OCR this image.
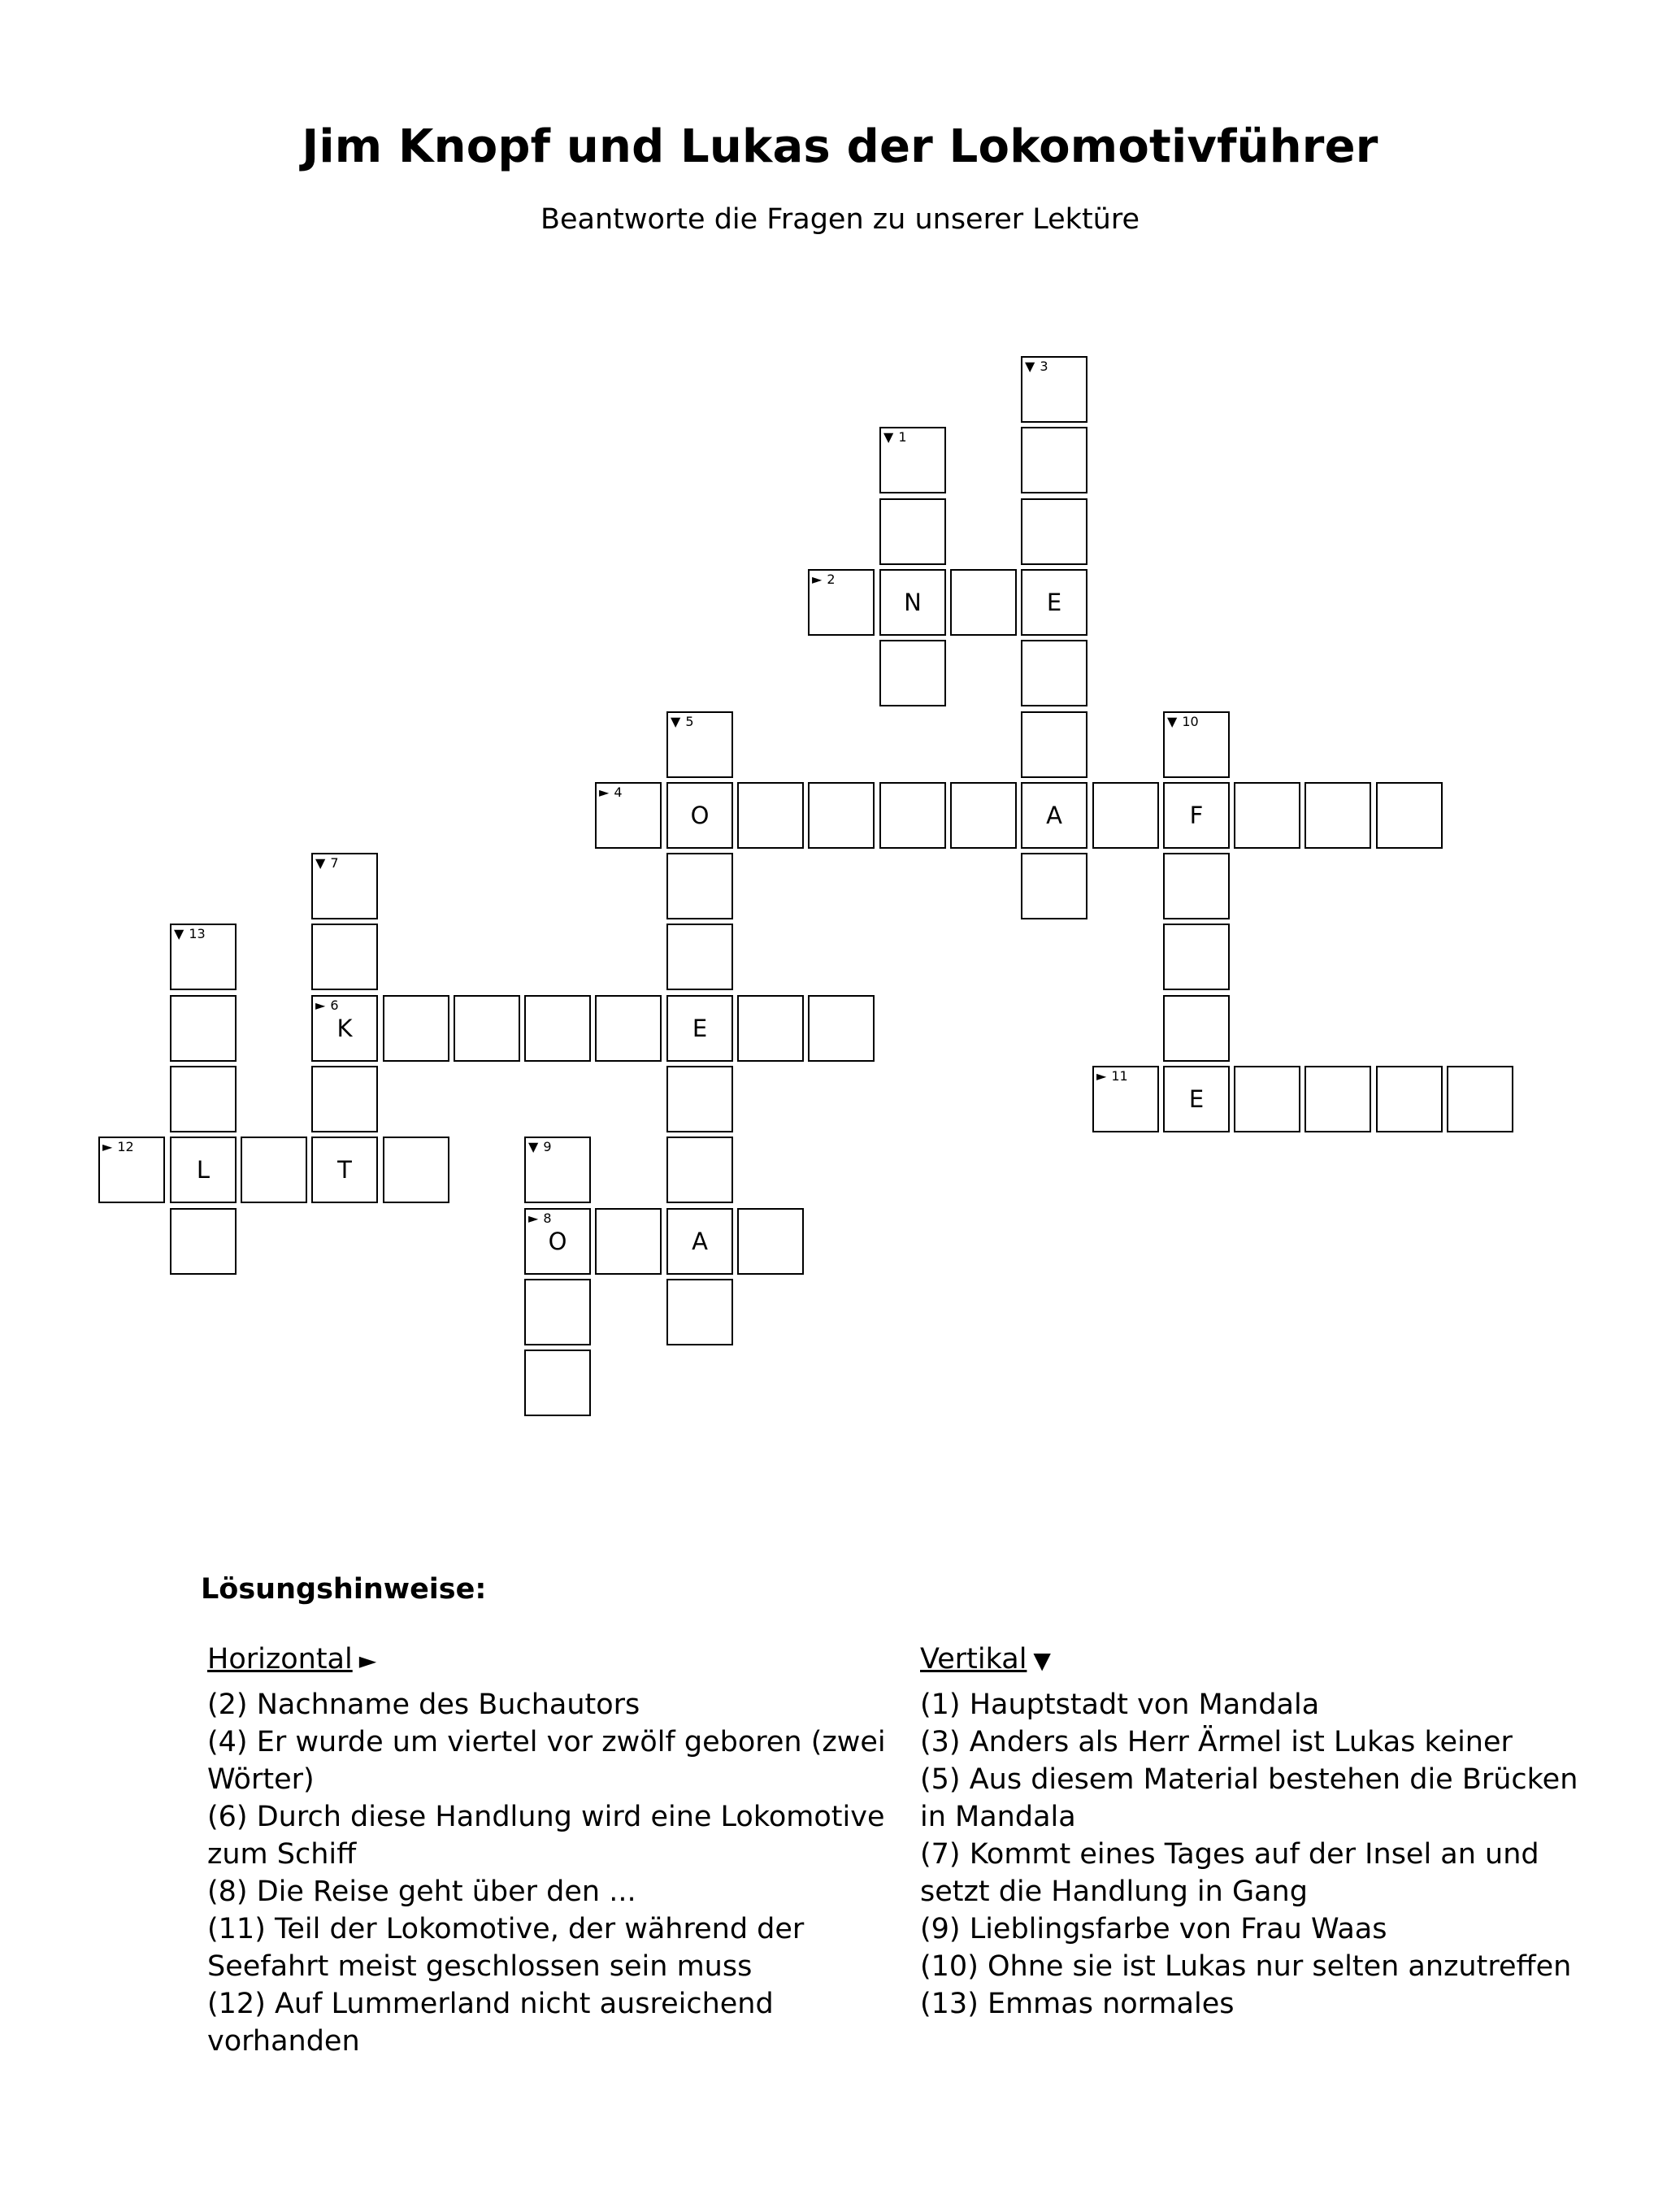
Jim Knopf und Lukas der Lokomotivführer

Beantworte die Fragen zu unserer Lektüre

▼ 3
▼ 1
► 2
N	E
▼ 5	▼ 10
► 4
O	A	F
▼ 7
▼ 13
► 6
K	E
► 11
E
► 12
L	T
▼ 9
► 8
O	A
Lösungshinweise:
Horizontal ►

(2) Nachname des Buchautors

(4) Er wurde um viertel vor zwölf geboren (zwei Wörter)

(6) Durch diese Handlung wird eine Lokomotive zum Schiff

(8) Die Reise geht über den ...

(11) Teil der Lokomotive, der während der Seefahrt meist geschlossen sein muss

(12) Auf Lummerland nicht ausreichend vorhanden

Vertikal ▼

(1) Hauptstadt von Mandala

(3) Anders als Herr Ärmel ist Lukas keiner

(5) Aus diesem Material bestehen die Brücken in Mandala

(7) Kommt eines Tages auf der Insel an und setzt die Handlung in Gang

(9) Lieblingsfarbe von Frau Waas

(10) Ohne sie ist Lukas nur selten anzutreffen

(13) Emmas normales
